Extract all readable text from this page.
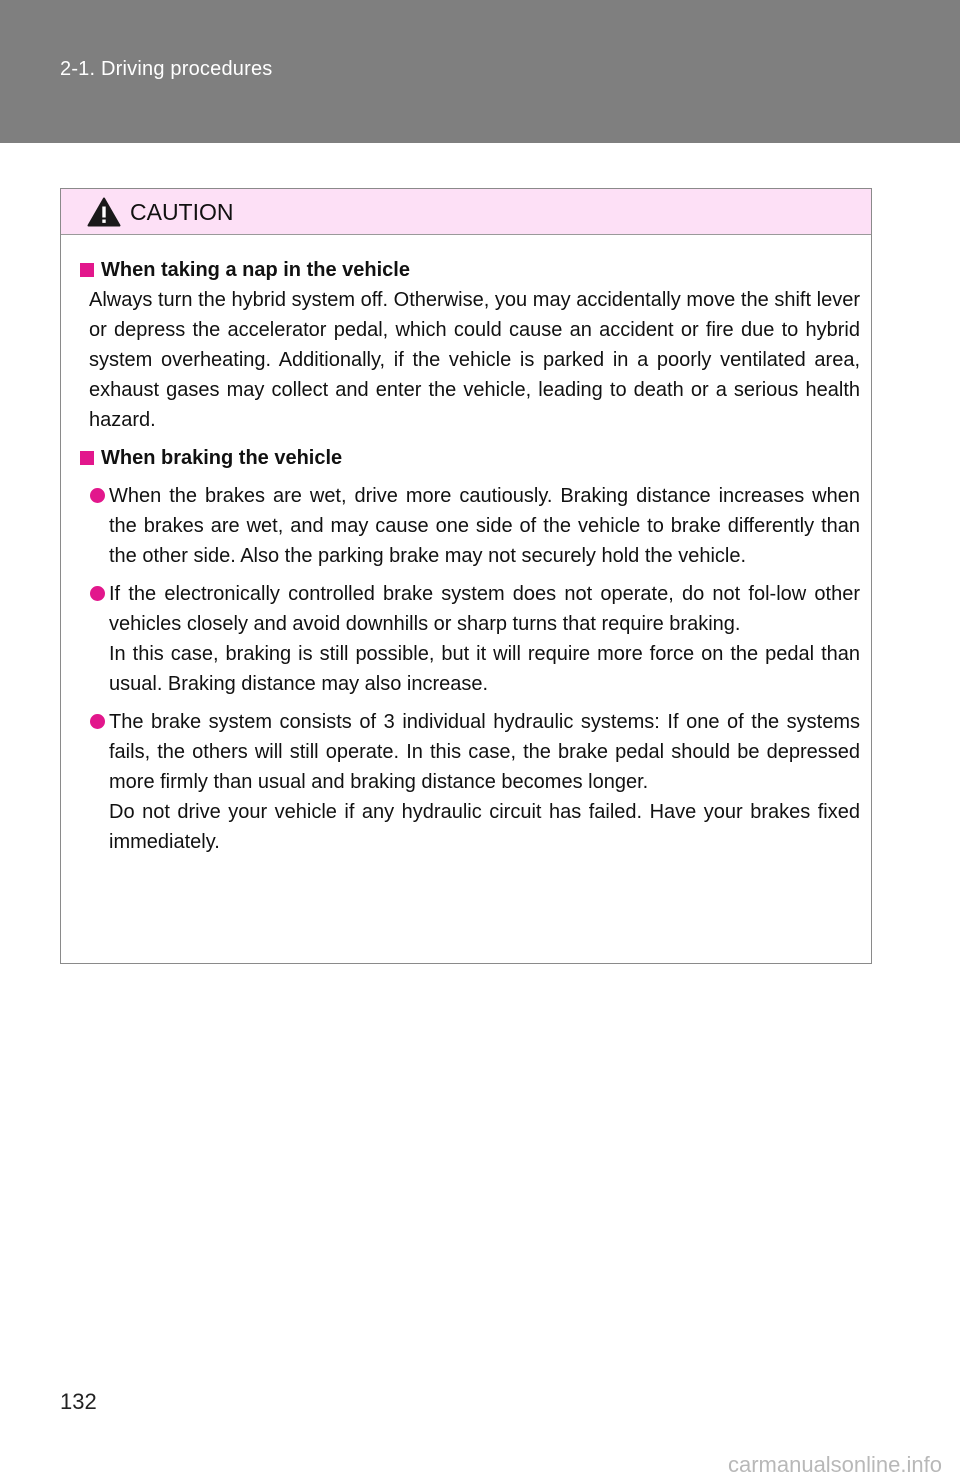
2-1. Driving procedures
CAUTION
When taking a nap in the vehicle
Always turn the hybrid system off. Otherwise, you may accidentally move the shift lever or depress the accelerator pedal, which could cause an accident or fire due to hybrid system overheating. Additionally, if the vehicle is parked in a poorly ventilated area, exhaust gases may collect and enter the vehicle, leading to death or a serious health hazard.
When braking the vehicle
When the brakes are wet, drive more cautiously. Braking distance increases when the brakes are wet, and may cause one side of the vehicle to brake differently than the other side. Also the parking brake may not securely hold the vehicle.
If the electronically controlled brake system does not operate, do not fol-low other vehicles closely and avoid downhills or sharp turns that require braking.
In this case, braking is still possible, but it will require more force on the pedal than usual. Braking distance may also increase.
The brake system consists of 3 individual hydraulic systems: If one of the systems fails, the others will still operate. In this case, the brake pedal should be depressed more firmly than usual and braking distance becomes longer.
Do not drive your vehicle if any hydraulic circuit has failed. Have your brakes fixed immediately.
132
carmanualsonline.info
